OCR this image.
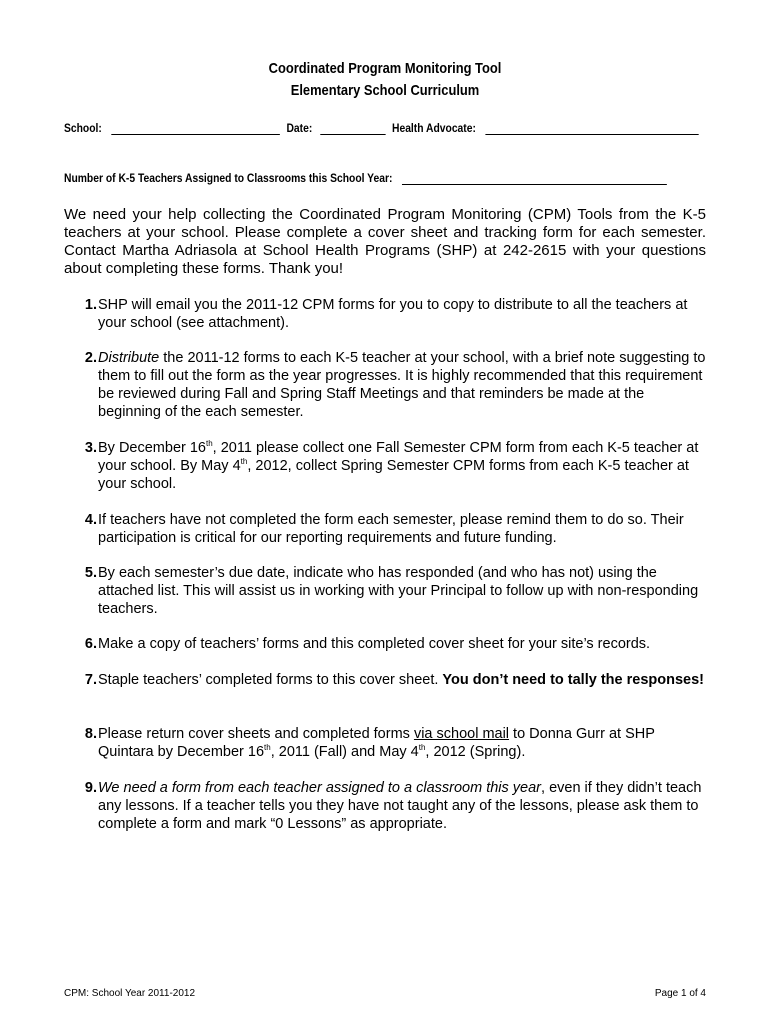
Coordinated Program Monitoring Tool
Elementary School Curriculum
School:	Date:	Health Advocate:
Number of K-5 Teachers Assigned to Classrooms this School Year:
We need your help collecting the Coordinated Program Monitoring (CPM) Tools from the K-5 teachers at your school. Please complete a cover sheet and tracking form for each semester. Contact Martha Adriasola at School Health Programs (SHP) at 242-2615 with your questions about completing these forms. Thank you!
1. SHP will email you the 2011-12 CPM forms for you to copy to distribute to all the teachers at your school (see attachment).
2. Distribute the 2011-12 forms to each K-5 teacher at your school, with a brief note suggesting to them to fill out the form as the year progresses. It is highly recommended that this requirement be reviewed during Fall and Spring Staff Meetings and that reminders be made at the beginning of the each semester.
3. By December 16th, 2011 please collect one Fall Semester CPM form from each K-5 teacher at your school. By May 4th, 2012, collect Spring Semester CPM forms from each K-5 teacher at your school.
4. If teachers have not completed the form each semester, please remind them to do so. Their participation is critical for our reporting requirements and future funding.
5. By each semester’s due date, indicate who has responded (and who has not) using the attached list. This will assist us in working with your Principal to follow up with non-responding teachers.
6. Make a copy of teachers’ forms and this completed cover sheet for your site’s records.
7. Staple teachers’ completed forms to this cover sheet. You don’t need to tally the responses!
8. Please return cover sheets and completed forms via school mail to Donna Gurr at SHP Quintara by December 16th, 2011 (Fall) and May 4th, 2012 (Spring).
9. We need a form from each teacher assigned to a classroom this year, even if they didn’t teach any lessons. If a teacher tells you they have not taught any of the lessons, please ask them to complete a form and mark “0 Lessons” as appropriate.
CPM: School Year 2011-2012	Page 1 of 4
